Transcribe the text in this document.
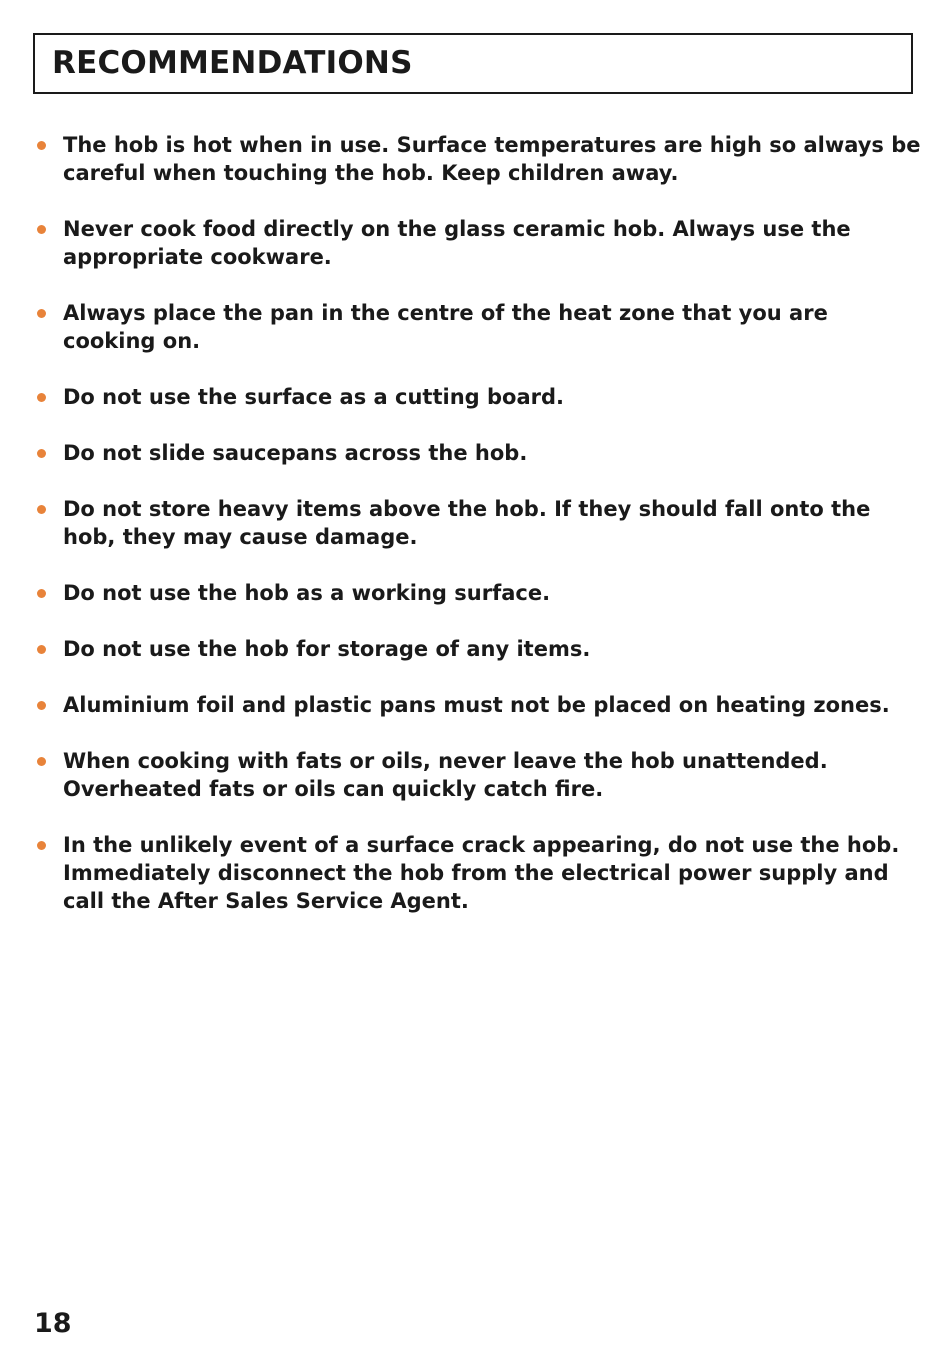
RECOMMENDATIONS
The hob is hot when in use. Surface temperatures are high so always be careful when touching the hob. Keep children away.
Never cook food directly on the glass ceramic hob. Always use the appropriate cookware.
Always place the pan in the centre of the heat zone that you are cooking on.
Do not use the surface as a cutting board.
Do not slide saucepans across the hob.
Do not store heavy items above the hob. If they should fall onto the hob, they may cause damage.
Do not use the hob as a working surface.
Do not use the hob for storage of any items.
Aluminium foil and plastic pans must not be placed on heating zones.
When cooking with fats or oils, never leave the hob unattended. Overheated fats or oils can quickly catch fire.
In the unlikely event of a surface crack appearing, do not use the hob. Immediately disconnect the hob from the electrical power supply and call the After Sales Service Agent.
18
